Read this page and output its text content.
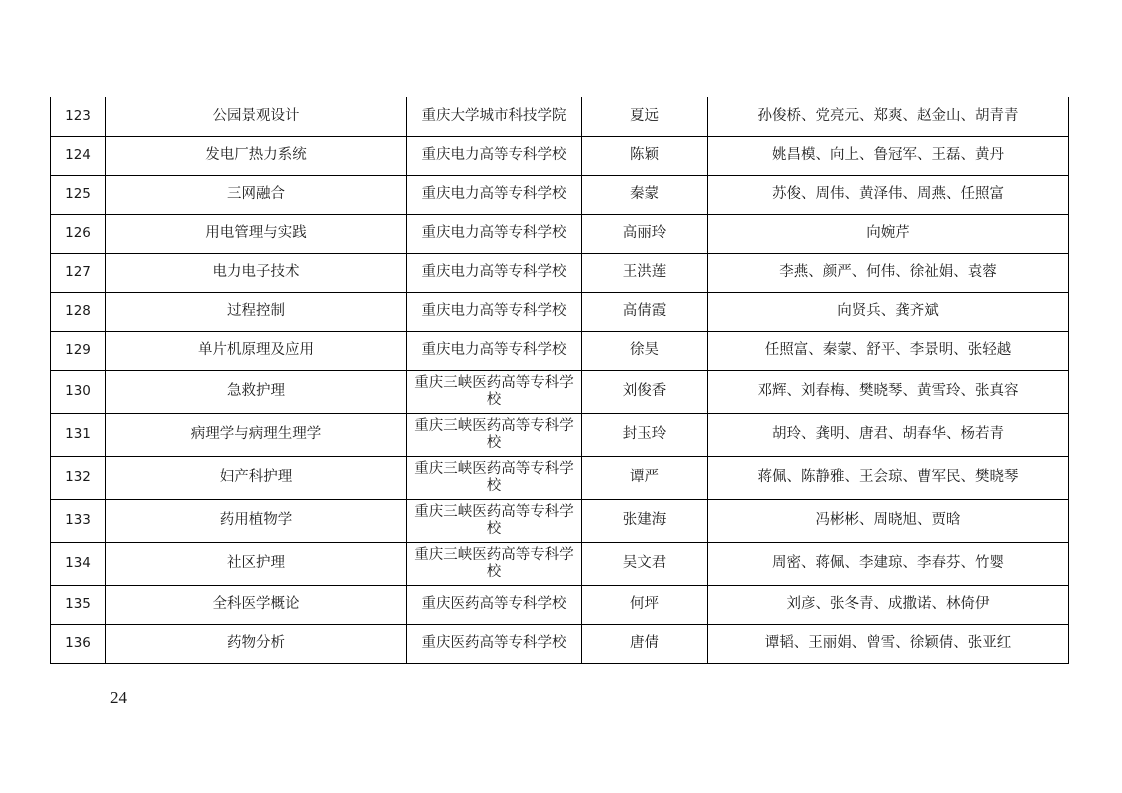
123	公园景观设计	重庆大学城市科技学院	夏远	孙俊桥、党亮元、郑爽、赵金山、胡青青
124	发电厂热力系统	重庆电力高等专科学校	陈颖	姚昌模、向上、鲁冠军、王磊、黄丹
125	三网融合	重庆电力高等专科学校	秦蒙	苏俊、周伟、黄泽伟、周燕、任照富
126	用电管理与实践	重庆电力高等专科学校	高丽玲	向婉芹
127	电力电子技术	重庆电力高等专科学校	王洪莲	李燕、颜严、何伟、徐祉娟、袁蓉
128	过程控制	重庆电力高等专科学校	高倩霞	向贤兵、龚齐斌
129	单片机原理及应用	重庆电力高等专科学校	徐昊	任照富、秦蒙、舒平、李景明、张轻越
130	急救护理	重庆三峡医药高等专科学校	刘俊香	邓辉、刘春梅、樊晓琴、黄雪玲、张真容
131	病理学与病理生理学	重庆三峡医药高等专科学校	封玉玲	胡玲、龚明、唐君、胡春华、杨若青
132	妇产科护理	重庆三峡医药高等专科学校	谭严	蒋佩、陈静雅、王会琼、曹军民、樊晓琴
133	药用植物学	重庆三峡医药高等专科学校	张建海	冯彬彬、周晓旭、贾晗
134	社区护理	重庆三峡医药高等专科学校	吴文君	周密、蒋佩、李建琼、李春芬、竹婴
135	全科医学概论	重庆医药高等专科学校	何坪	刘彦、张冬青、成撒诺、林倚伊
136	药物分析	重庆医药高等专科学校	唐倩	谭韬、王丽娟、曾雪、徐颖倩、张亚红
24
